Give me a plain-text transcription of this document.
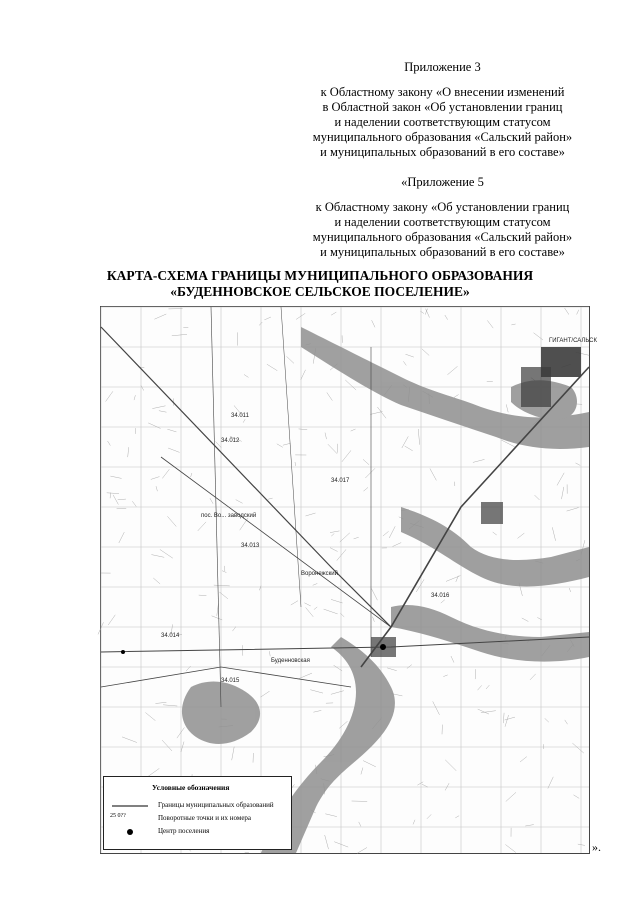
Приложение 3
к Областному закону «О внесении изменений
в Областной закон «Об установлении границ
и наделении соответствующим статусом
муниципального образования «Сальский район»
и муниципальных образований в его составе»
«Приложение 5
к Областному закону «Об установлении границ
и наделении соответствующим статусом
муниципального образования «Сальский район»
и муниципальных образований в его составе»
КАРТА-СХЕМА ГРАНИЦЫ МУНИЦИПАЛЬНОГО ОБРАЗОВАНИЯ
«БУДЕННОВСКОЕ СЕЛЬСКОЕ ПОСЕЛЕНИЕ»
ГИГАНТ/САЛЬСК
Буденновская
пос. Во... заводский
Воронежский
34.011
34.012
34.013
34.014
34.015
34.016
34.017
Условные обозначения
Границы муниципальных образований
25 0??	Поворотные точки и их номера
Центр поселения
».
